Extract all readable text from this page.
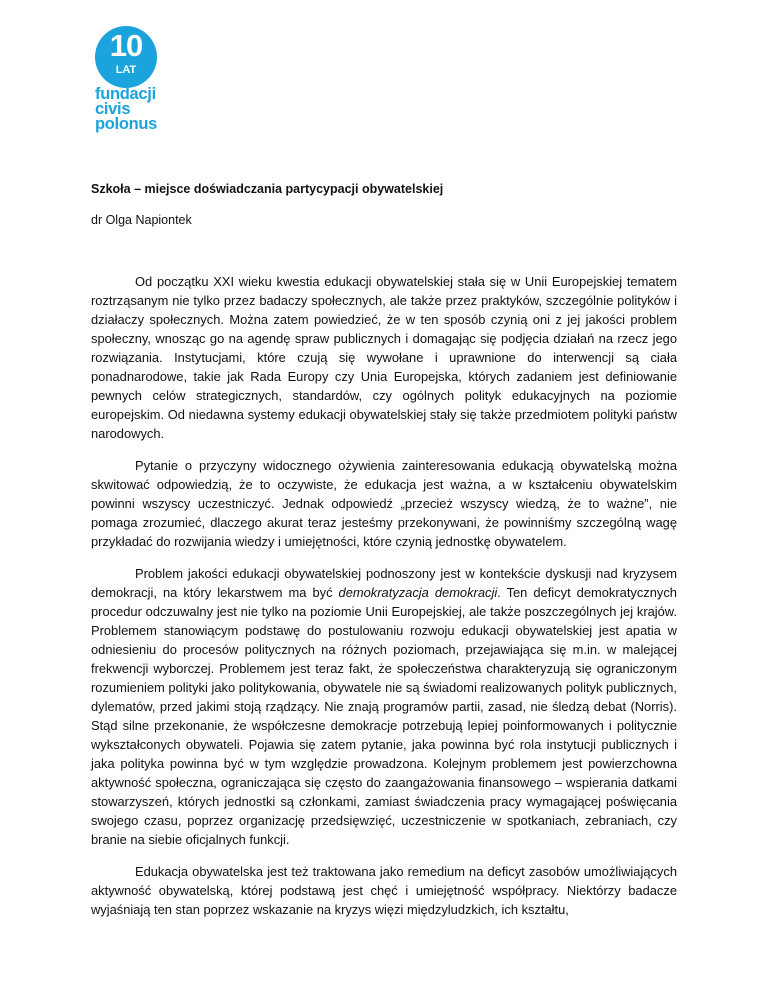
10
LAT
fundacji
civis
polonus

Szkoła – miejsce doświadczania partycypacji obywatelskiej

dr Olga Napiontek

Od początku XXI wieku kwestia edukacji obywatelskiej stała się w Unii Europejskiej tematem roztrząsanym nie tylko przez badaczy społecznych, ale także przez praktyków, szczególnie polityków i działaczy społecznych. Można zatem powiedzieć, że w ten sposób czynią oni z jej jakości problem społeczny, wnosząc go na agendę spraw publicznych i domagając się podjęcia działań na rzecz jego rozwiązania. Instytucjami, które czują się wywołane i uprawnione do interwencji są ciała ponadnarodowe, takie jak Rada Europy czy Unia Europejska, których zadaniem jest definiowanie pewnych celów strategicznych, standardów, czy ogólnych polityk edukacyjnych na poziomie europejskim. Od niedawna systemy edukacji obywatelskiej stały się także przedmiotem polityki państw narodowych.

Pytanie o przyczyny widocznego ożywienia zainteresowania edukacją obywatelską można skwitować odpowiedzią, że to oczywiste, że edukacja jest ważna, a w kształceniu obywatelskim powinni wszyscy uczestniczyć. Jednak odpowiedź „przecież wszyscy wiedzą, że to ważne”, nie pomaga zrozumieć, dlaczego akurat teraz jesteśmy przekonywani, że powinniśmy szczególną wagę przykładać do rozwijania wiedzy i umiejętności, które czynią jednostkę obywatelem.

Problem jakości edukacji obywatelskiej podnoszony jest w kontekście dyskusji nad kryzysem demokracji, na który lekarstwem ma być demokratyzacja demokracji. Ten deficyt demokratycznych procedur odczuwalny jest nie tylko na poziomie Unii Europejskiej, ale także poszczególnych jej krajów. Problemem stanowiącym podstawę do postulowaniu rozwoju edukacji obywatelskiej jest apatia w odniesieniu do procesów politycznych na różnych poziomach, przejawiająca się m.in. w malejącej frekwencji wyborczej. Problemem jest teraz fakt, że społeczeństwa charakteryzują się ograniczonym rozumieniem polityki jako politykowania, obywatele nie są świadomi realizowanych polityk publicznych, dylematów, przed jakimi stoją rządzący. Nie znają programów partii, zasad, nie śledzą debat (Norris). Stąd silne przekonanie, że współczesne demokracje potrzebują lepiej poinformowanych i politycznie wykształconych obywateli. Pojawia się zatem pytanie, jaka powinna być rola instytucji publicznych i jaka polityka powinna być w tym względzie prowadzona. Kolejnym problemem jest powierzchowna aktywność społeczna, ograniczająca się często do zaangażowania finansowego – wspierania datkami stowarzyszeń, których jednostki są członkami, zamiast świadczenia pracy wymagającej poświęcania swojego czasu, poprzez organizację przedsięwzięć, uczestniczenie w spotkaniach, zebraniach, czy branie na siebie oficjalnych funkcji.

Edukacja obywatelska jest też traktowana jako remedium na deficyt zasobów umożliwiających aktywność obywatelską, której podstawą jest chęć i umiejętność współpracy. Niektórzy badacze wyjaśniają ten stan poprzez wskazanie na kryzys więzi międzyludzkich, ich kształtu,
